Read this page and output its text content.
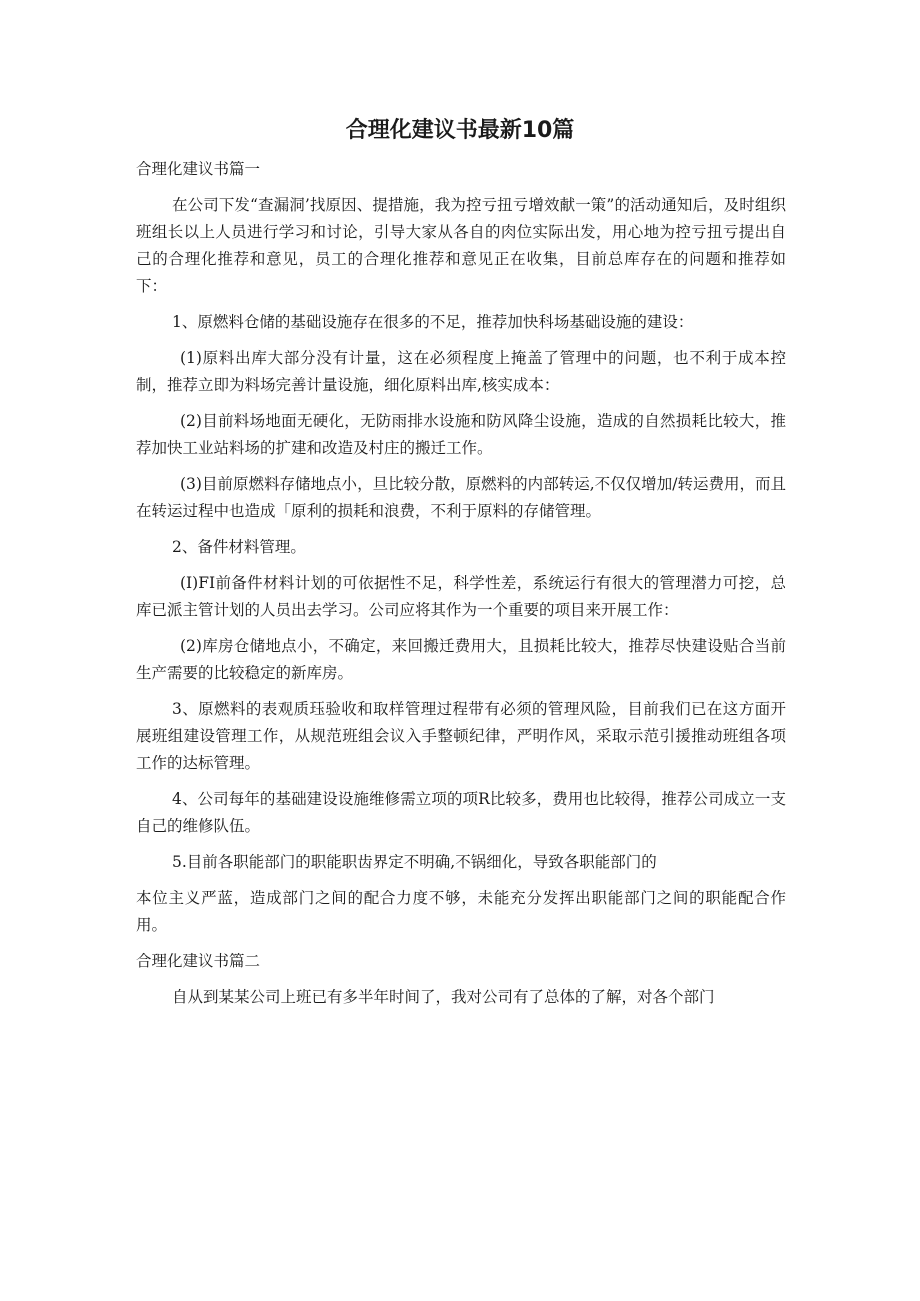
合理化建议书最新10篇

合理化建议书篇一

在公司下发“查漏洞’找原因、提措施，我为控亏扭亏增效献一策”的活动通知后，及时组织班组长以上人员进行学习和讨论，引导大家从各自的肉位实际出发，用心地为控亏扭亏提出自己的合理化推荐和意见，员工的合理化推荐和意见正在收集，目前总库存在的问题和推荐如下：

1、原燃料仓储的基础设施存在很多的不足，推荐加快科场基础设施的建设：

(1)原料出库大部分没有计量，这在必须程度上掩盖了管理中的问题，也不利于成本控制，推荐立即为料场完善计量设施，细化原料出库,核实成本：

(2)目前料场地面无硬化，无防雨排水设施和防风降尘设施，造成的自然损耗比较大，推荐加快工业站料场的扩建和改造及村庄的搬迁工作。

(3)目前原燃料存储地点小，旦比较分散，原燃料的内部转运,不仅仅增加/转运费用，而且在转运过程中也造成「原利的损耗和浪费，不利于原料的存储管理。

2、备件材料管理。

(I)FI前备件材料计划的可依据性不足，科学性差，系统运行有很大的管理潜力可挖，总库已派主管计划的人员出去学习。公司应将其作为一个重要的项目来开展工作：

(2)库房仓储地点小，不确定，来回搬迁费用大，且损耗比较大，推荐尽快建设贴合当前生产需要的比较稳定的新库房。

3、原燃料的表观质珏验收和取样管理过程带有必须的管理风险，目前我们已在这方面开展班组建设管理工作，从规范班组会议入手整顿纪律，严明作风，采取示范引援推动班组各项工作的达标管理。

4、公司每年的基础建设设施维修需立项的项R比较多，费用也比较得，推荐公司成立一支自己的维修队伍。

5.目前各职能部门的职能职齿界定不明确,不锅细化，导致各职能部门的

本位主义严蓝，造成部门之间的配合力度不够，未能充分发挥出职能部门之间的职能配合作用。

合理化建议书篇二

自从到某某公司上班已有多半年时间了，我对公司有了总体的了解，对各个部门
